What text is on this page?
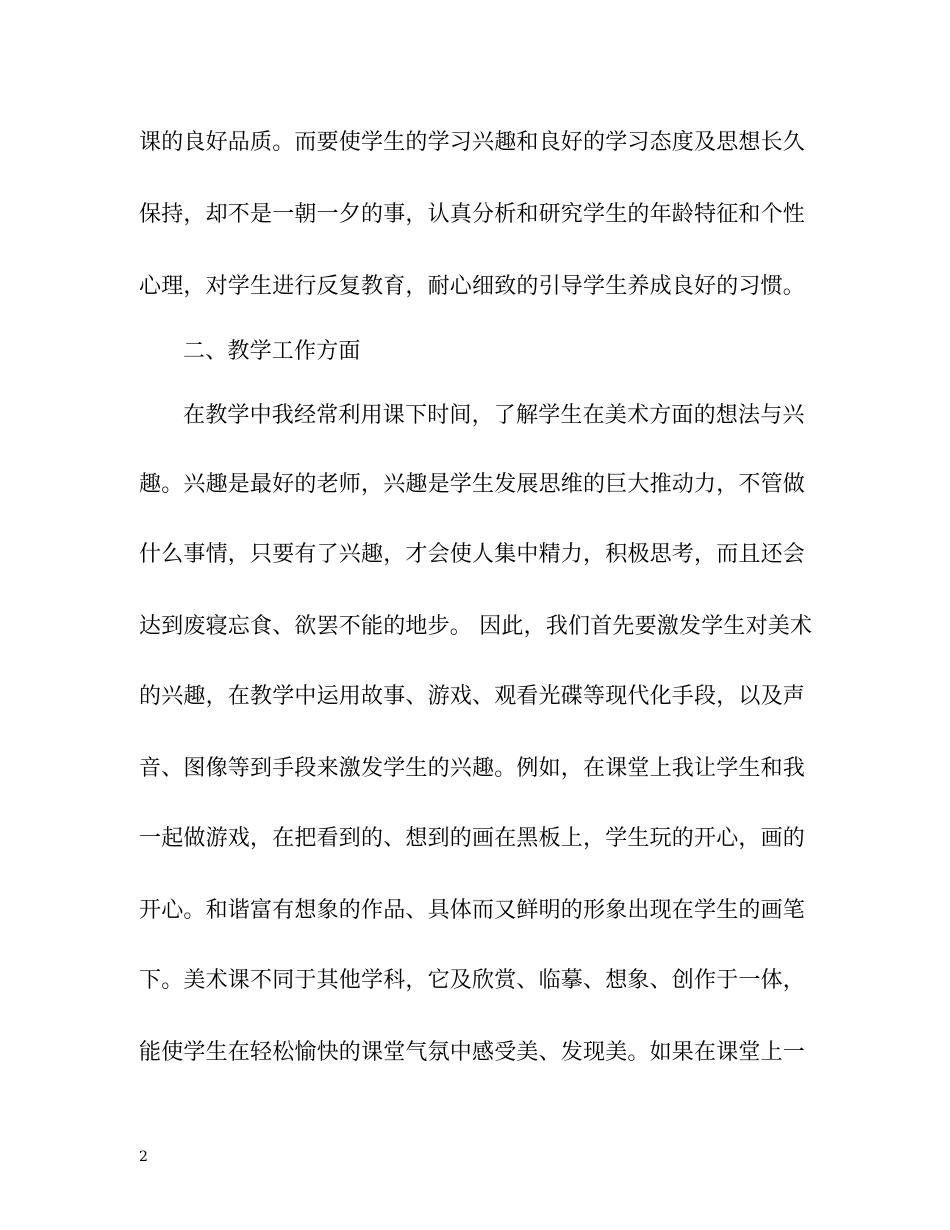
课的良好品质。而要使学生的学习兴趣和良好的学习态度及思想长久
保持，却不是一朝一夕的事，认真分析和研究学生的年龄特征和个性
心理，对学生进行反复教育，耐心细致的引导学生养成良好的习惯。
二、教学工作方面
在教学中我经常利用课下时间，了解学生在美术方面的想法与兴
趣。兴趣是最好的老师，兴趣是学生发展思维的巨大推动力，不管做
什么事情，只要有了兴趣，才会使人集中精力，积极思考，而且还会
达到废寝忘食、欲罢不能的地步。 因此，我们首先要激发学生对美术
的兴趣，在教学中运用故事、游戏、观看光碟等现代化手段，以及声
音、图像等到手段来激发学生的兴趣。例如，在课堂上我让学生和我
一起做游戏，在把看到的、想到的画在黑板上，学生玩的开心，画的
开心。和谐富有想象的作品、具体而又鲜明的形象出现在学生的画笔
下。美术课不同于其他学科，它及欣赏、临摹、想象、创作于一体，
能使学生在轻松愉快的课堂气氛中感受美、发现美。如果在课堂上一
2
